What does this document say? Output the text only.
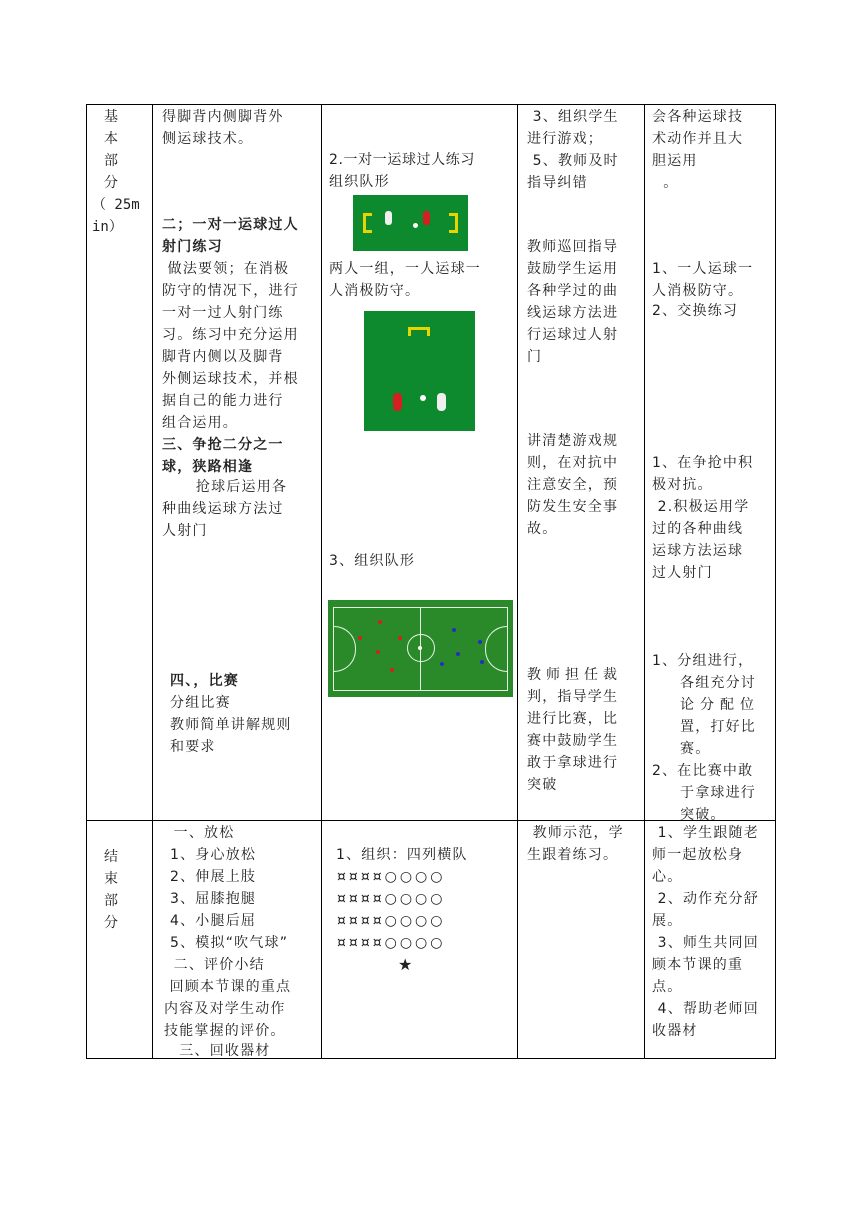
基
本
部
分
（ 25m
in）
得脚背内侧脚背外
侧运球技术。
二；一对一运球过人
射门练习
做法要领；在消极
防守的情况下，进行
一对一过人射门练
习。练习中充分运用
脚背内侧以及脚背
外侧运球技术，并根
据自己的能力进行
组合运用。
三、争抢二分之一
球，狭路相逢
抢球后运用各
种曲线运球方法过
人射门
四、，比赛
分组比赛
教师简单讲解规则
和要求
2.一对一运球过人练习
组织队形
两人一组，一人运球一
人消极防守。
3、组织队形
3、组织学生
进行游戏；
5、教师及时
指导纠错
教师巡回指导
鼓励学生运用
各种学过的曲
线运球方法进
行运球过人射
门
讲清楚游戏规
则，在对抗中
注意安全，预
防发生安全事
故。
教师担任裁
判，指导学生
进行比赛，比
赛中鼓励学生
敢于拿球进行
突破
会各种运球技
术动作并且大
胆运用
。
1、一人运球一
人消极防守。
2、交换练习
1、在争抢中积
极对抗。
2.积极运用学
过的各种曲线
运球方法运球
过人射门
1、分组进行，
各组充分讨
论分配位
置，打好比
赛。
2、在比赛中敢
于拿球进行
突破。
结
束
部
分
一、放松
1、身心放松
2、伸展上肢
3、屈膝抱腿
4、小腿后屈
5、模拟“吹气球”
二、评价小结
回顾本节课的重点
内容及对学生动作
技能掌握的评价。
三、回收器材
1、组织：四列横队
¤¤¤¤○○○○
¤¤¤¤○○○○
¤¤¤¤○○○○
¤¤¤¤○○○○
★
教师示范，学
生跟着练习。
1、学生跟随老
师一起放松身
心。
2、动作充分舒
展。
3、师生共同回
顾本节课的重
点。
4、帮助老师回
收器材
